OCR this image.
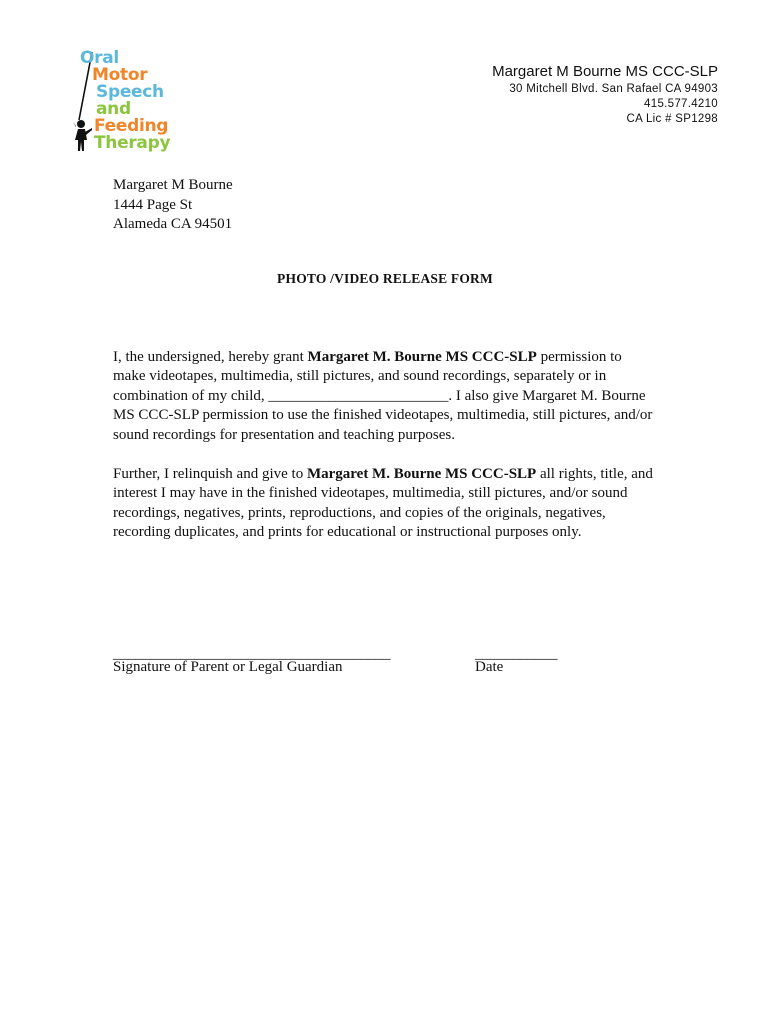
Oral
Motor
Speech
and
Feeding
Therapy
Margaret M Bourne MS CCC-SLP
30 Mitchell Blvd. San Rafael CA 94903
415.577.4210
CA Lic # SP1298
Margaret M Bourne
1444 Page St
Alameda CA 94501
PHOTO /VIDEO RELEASE FORM
I, the undersigned, hereby grant Margaret M. Bourne MS CCC-SLP permission to make videotapes, multimedia, still pictures, and sound recordings, separately or in combination of my child, ________________________. I also give Margaret M. Bourne MS CCC-SLP permission to use the finished videotapes, multimedia, still pictures, and/or sound recordings for presentation and teaching purposes.
Further, I relinquish and give to Margaret M. Bourne MS CCC-SLP all rights, title, and interest I may have in the finished videotapes, multimedia, still pictures, and/or sound recordings, negatives, prints, reproductions, and copies of the originals, negatives, recording duplicates, and prints for educational or instructional purposes only.
_____________________________________
Signature of Parent or Legal Guardian
___________
Date
